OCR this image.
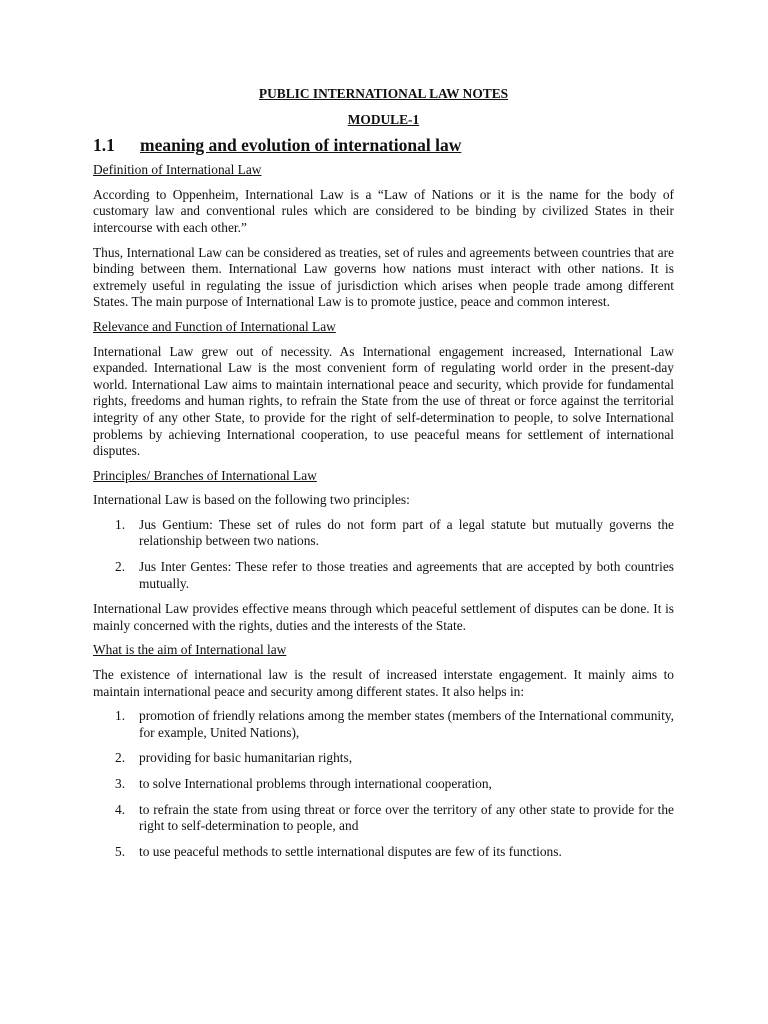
PUBLIC INTERNATIONAL LAW NOTES
MODULE-1
1.1	meaning and evolution of international law
Definition of International Law

According to Oppenheim, International Law is a “Law of Nations or it is the name for the body of customary law and conventional rules which are considered to be binding by civilized States in their intercourse with each other.”

Thus, International Law can be considered as treaties, set of rules and agreements between countries that are binding between them. International Law governs how nations must interact with other nations. It is extremely useful in regulating the issue of jurisdiction which arises when people trade among different States. The main purpose of International Law is to promote justice, peace and common interest.

Relevance and Function of International Law

International Law grew out of necessity. As International engagement increased, International Law expanded. International Law is the most convenient form of regulating world order in the present-day world. International Law aims to maintain international peace and security, which provide for fundamental rights, freedoms and human rights, to refrain the State from the use of threat or force against the territorial integrity of any other State, to provide for the right of self-determination to people, to solve International problems by achieving International cooperation, to use peaceful means for settlement of international disputes.

Principles/ Branches of International Law

International Law is based on the following two principles:

1. Jus Gentium: These set of rules do not form part of a legal statute but mutually governs the relationship between two nations.
2. Jus Inter Gentes: These refer to those treaties and agreements that are accepted by both countries mutually.

International Law provides effective means through which peaceful settlement of disputes can be done. It is mainly concerned with the rights, duties and the interests of the State.

What is the aim of International law

The existence of international law is the result of increased interstate engagement. It mainly aims to maintain international peace and security among different states. It also helps in:

1. promotion of friendly relations among the member states (members of the International community, for example, United Nations),
2. providing for basic humanitarian rights,
3. to solve International problems through international cooperation,
4. to refrain the state from using threat or force over the territory of any other state to provide for the right to self-determination to people, and
5. to use peaceful methods to settle international disputes are few of its functions.
